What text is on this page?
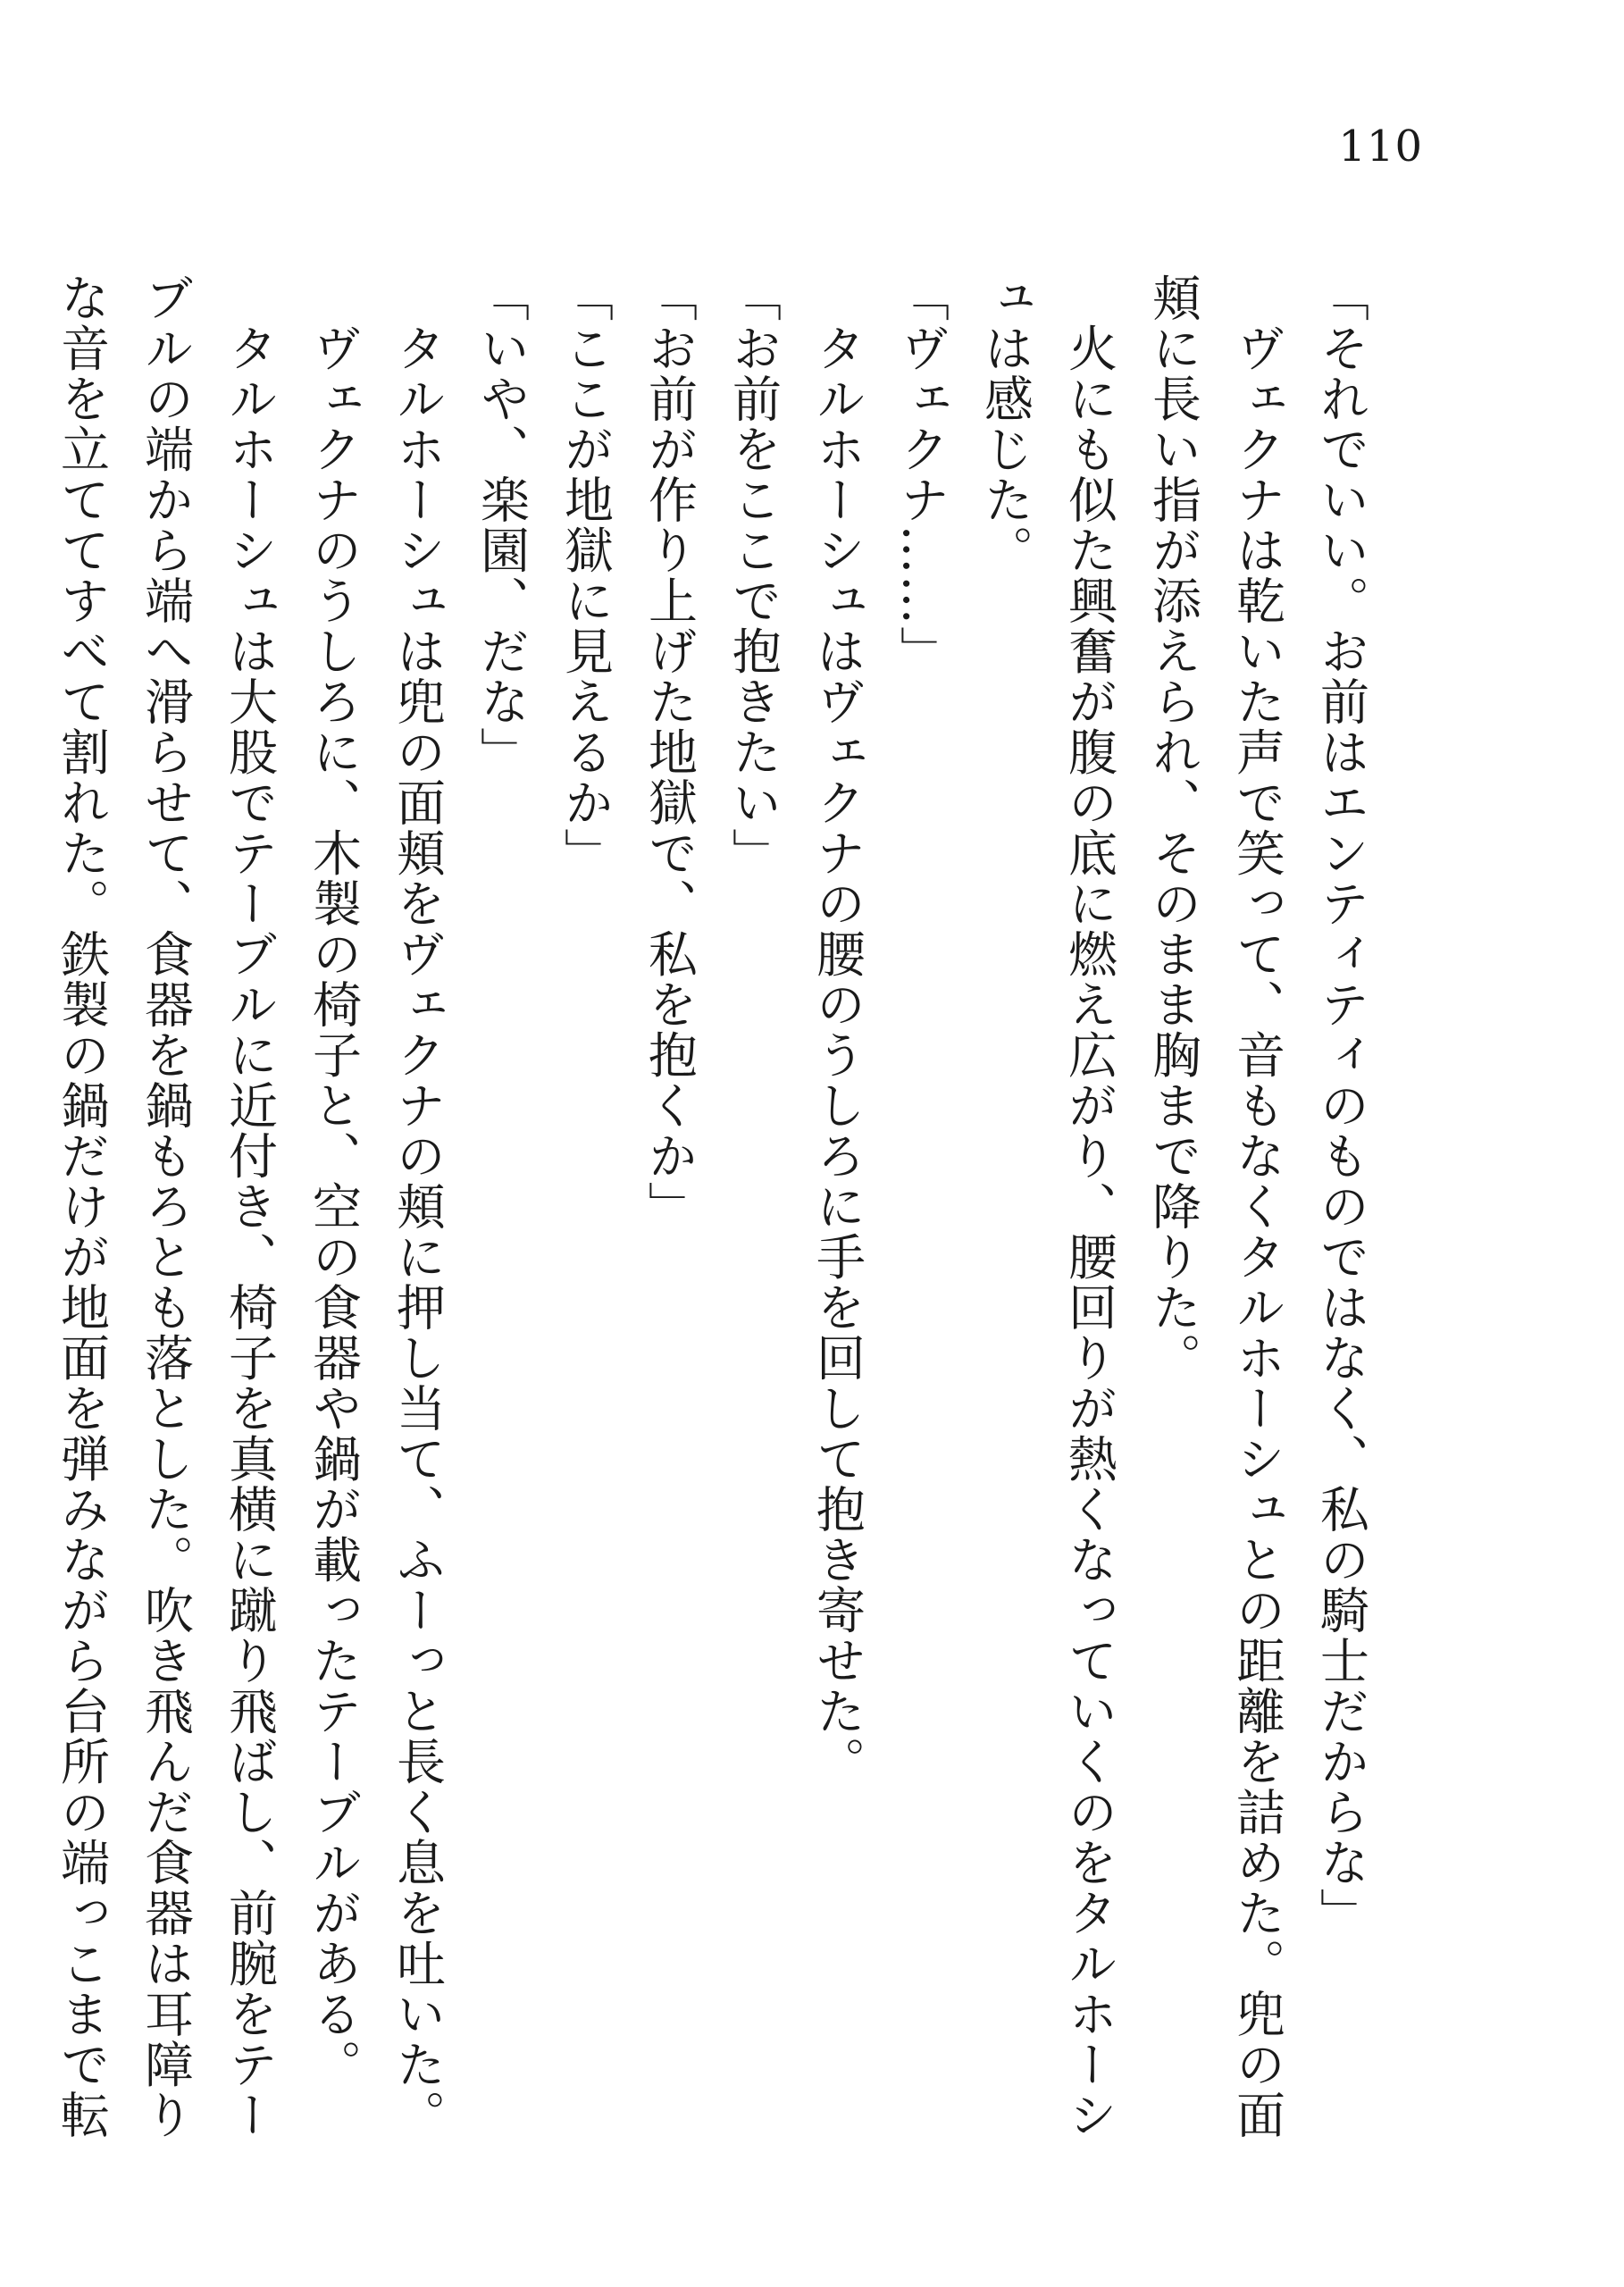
110

「それでいい。お前はエンティティのものではなく、私の騎士だからな」

　ヴェクナは乾いた声で笑って、音もなくタルホーシュとの距離を詰めた。兜の面

頬に長い指が添えられ、そのまま胸まで降りた。

　火にも似た興奮が腹の底に燃え広がり、腰回りが熱くなっていくのをタルホーシ

ュは感じた。

「ヴェクナ……」

　タルホーシュはヴェクナの腰のうしろに手を回して抱き寄せた。

「お前をここで抱きたい」

「お前が作り上げた地獄で、私を抱くか」

「ここが地獄に見えるか」

「いや、楽園、だな」

　タルホーシュは兜の面頬をヴェクナの頬に押し当て、ふーっと長く息を吐いた。

　ヴェクナのうしろに、木製の椅子と、空の食器や鍋が載ったテーブルがある。

　タルホーシュは大股でテーブルに近付き、椅子を真横に蹴り飛ばし、前腕をテー

ブルの端から端へ滑らせて、食器を鍋もろとも落とした。吹き飛んだ食器は耳障り

な音を立ててすべて割れた。鉄製の鍋だけが地面を弾みながら台所の端っこまで転
